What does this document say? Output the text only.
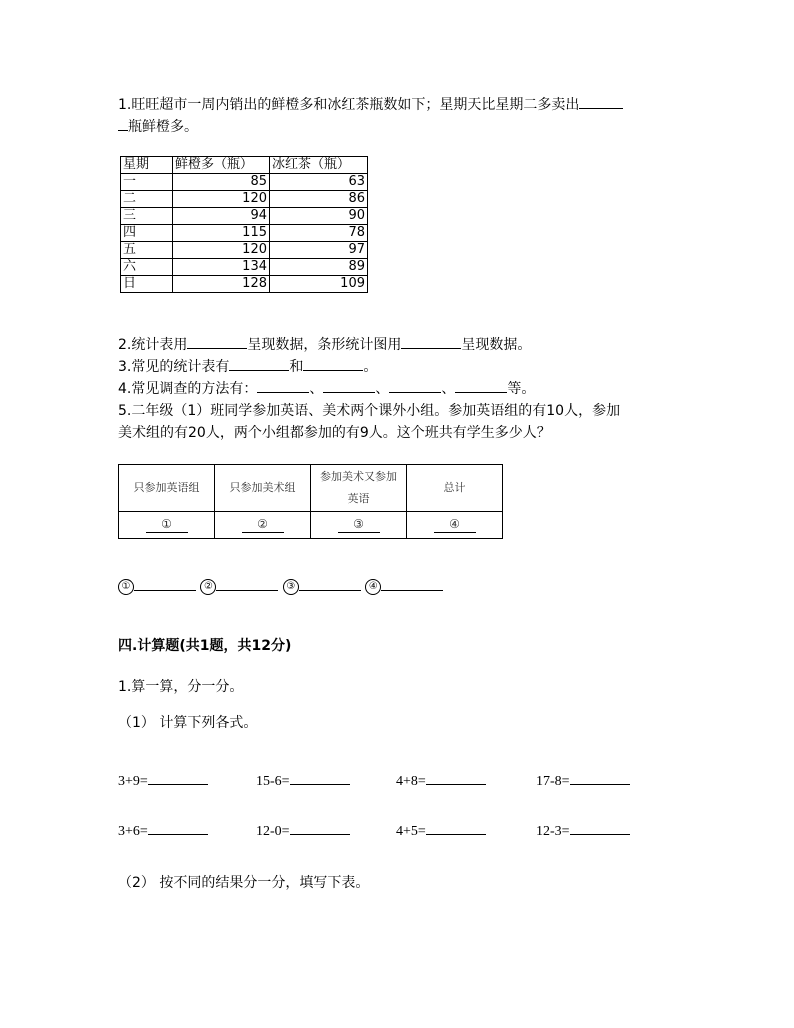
1.旺旺超市一周内销出的鲜橙多和冰红茶瓶数如下；星期天比星期二多卖出
瓶鲜橙多。
星期	鲜橙多（瓶）	冰红茶（瓶）
一	85	63
二	120	86
三	94	90
四	115	78
五	120	97
六	134	89
日	128	109
2.统计表用	呈现数据，条形统计图用	呈现数据。
3.常见的统计表有	和	。
4.常见调查的方法有：	、	、	、	等。
5.二年级（1）班同学参加英语、美术两个课外小组。参加英语组的有10人，参加
美术组的有20人，两个小组都参加的有9人。这个班共有学生多少人？
只参加英语组	只参加美术组	参加美术又参加英语	总计
①	②	③	④
①	②	③	④
四.计算题(共1题，共12分)
1.算一算，分一分。
（1） 计算下列各式。
3+9=	15-6=	4+8=	17-8=
3+6=	12-0=	4+5=	12-3=
（2） 按不同的结果分一分，填写下表。
